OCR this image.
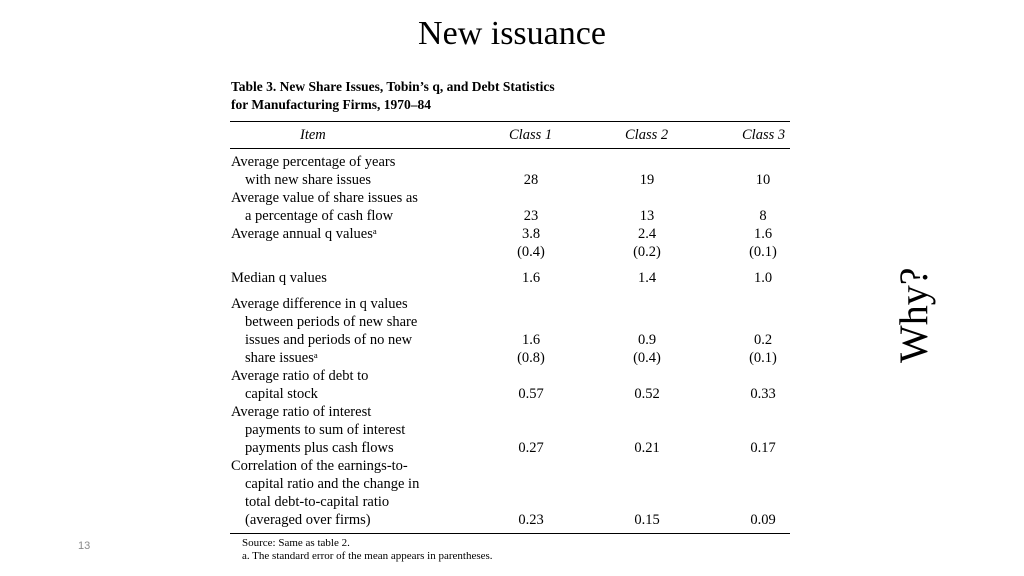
New issuance
Table 3. New Share Issues, Tobin’s q, and Debt Statistics
for Manufacturing Firms, 1970–84
Item	Class 1	Class 2	Class 3
Average percentage of years
with new share issues	28	19	10
Average value of share issues as
a percentage of cash flow	23	13	8
Average annual q valuesᵃ	3.8	2.4	1.6
(0.4)	(0.2)	(0.1)
Median q values	1.6	1.4	1.0
Average difference in q values
between periods of new share
issues and periods of no new	1.6	0.9	0.2
share issuesᵃ	(0.8)	(0.4)	(0.1)
Average ratio of debt to
capital stock	0.57	0.52	0.33
Average ratio of interest
payments to sum of interest
payments plus cash flows	0.27	0.21	0.17
Correlation of the earnings-to-
capital ratio and the change in
total debt-to-capital ratio
(averaged over firms)	0.23	0.15	0.09
Source: Same as table 2.
a. The standard error of the mean appears in parentheses.
Why?
13
